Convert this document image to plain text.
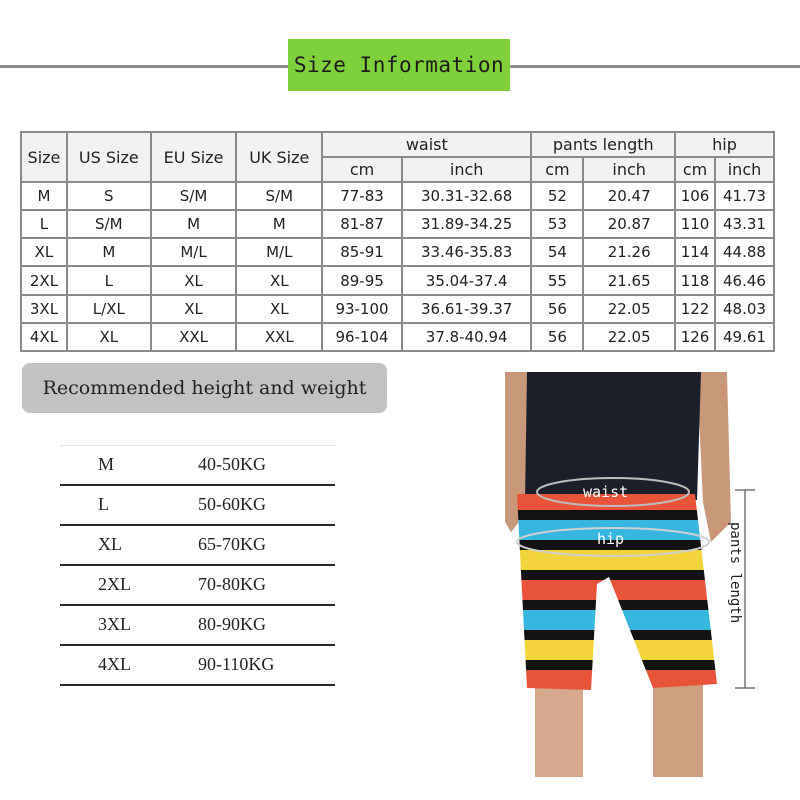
Size Information
Size	US Size	EU Size	UK Size	waist		pants length		hip	
				cm	inch	cm	inch	cm	inch
M	S	S/M	S/M	77-83	30.31-32.68	52	20.47	106	41.73
L	S/M	M	M	81-87	31.89-34.25	53	20.87	110	43.31
XL	M	M/L	M/L	85-91	33.46-35.83	54	21.26	114	44.88
2XL	L	XL	XL	89-95	35.04-37.4	55	21.65	118	46.46
3XL	L/XL	XL	XL	93-100	36.61-39.37	56	22.05	122	48.03
4XL	XL	XXL	XXL	96-104	37.8-40.94	56	22.05	126	49.61
Recommended height and weight
M	40-50KG
L	50-60KG
XL	65-70KG
2XL	70-80KG
3XL	80-90KG
4XL	90-110KG
waist
hip	pants length
